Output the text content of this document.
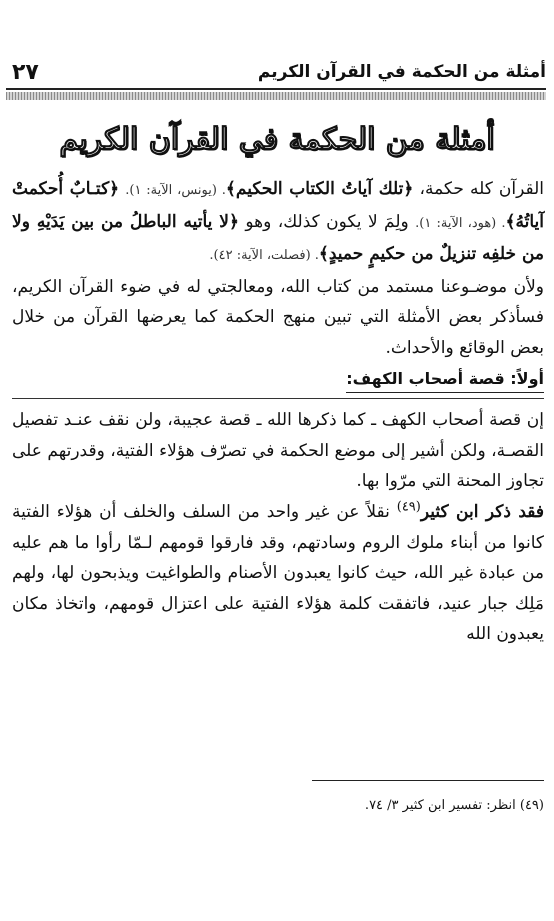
٢٧	أمثلة من الحكمة في القرآن الكريم
أمثلة من الحكمة في القرآن الكريم

القرآن كله حكمة، ﴿تلك آياتُ الكتاب الحكيم﴾. (يونس، الآية: ١). ﴿كتـابٌ أُحكمتْ آياتُهُ﴾. (هود، الآية: ١). ولِمَ لا يكون كذلك، وهو ﴿لا يأتيه الباطلُ من بين يَدَيْهِ ولا من خلفِه تنزيلٌ من حكيمٍ حميدٍ﴾. (فصلت، الآية: ٤٢).

ولأن موضـوعنا مستمد من كتاب الله، ومعالجتي له في ضوء القرآن الكريم، فسأذكر بعض الأمثلة التي تبين منهج الحكمة كما يعرضها القرآن من خلال بعض الوقائع والأحداث.

أولاً: قصة أصحاب الكهف:

إن قصة أصحاب الكهف ـ كما ذكرها الله ـ قصة عجيبة، ولن نقف عنـد تفصيل القصـة، ولكن أشير إلى موضع الحكمة في تصرّف هؤلاء الفتية، وقدرتهم على تجاوز المحنة التي مرّوا بها.

فقد ذكر ابن كثير$^{(٤٩)}$ نقلاً عن غير واحد من السلف والخلف أن هؤلاء الفتية كانوا من أبناء ملوك الروم وسادتهم، وقد فارقوا قومهم لـمّا رأوا ما هم عليه من عبادة غير الله، حيث كانوا يعبدون الأصنام والطواغيت ويذبحون لها، ولهم مَلِك جبار عنيد، فاتفقت كلمة هؤلاء الفتية على اعتزال قومهم، واتخاذ مكان يعبدون الله

(٤٩) انظر: تفسير ابن كثير ٣/ ٧٤.
